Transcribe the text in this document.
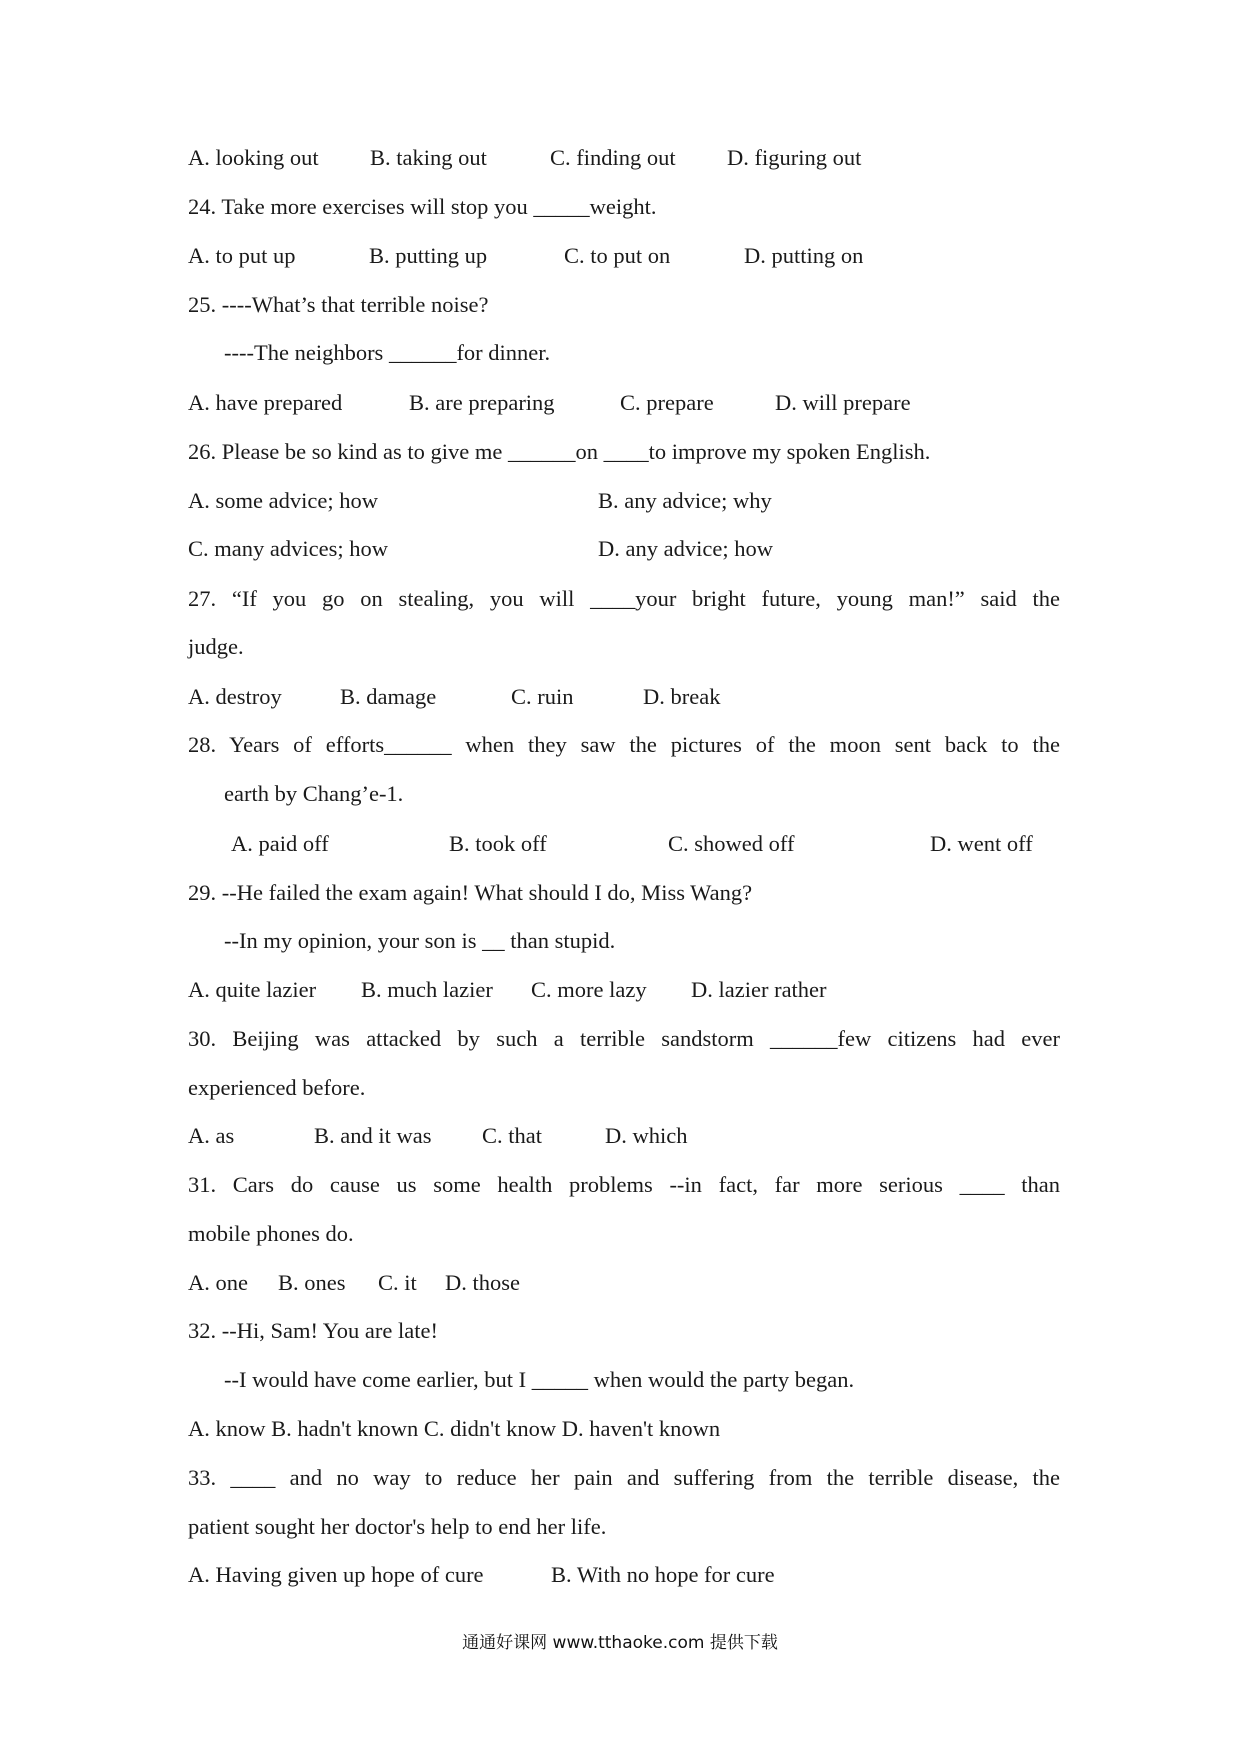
A. looking out B. taking out	C. finding out D. figuring out
24. Take more exercises will stop you _____weight.
A. to put up	B. putting up	C. to put on	D. putting on
25. ----What’s that terrible noise?
----The neighbors ______for dinner.
A. have prepared	B. are preparing	C. prepare	D. will prepare
26. Please be so kind as to give me ______on ____to improve my spoken English.
A. some advice; how	B. any advice; why
C. many advices; how	D. any advice; how
27. “If you go on stealing, you will ____your bright future, young man!” said the
judge.
A. destroy	B. damage	C. ruin	D. break
28. Years of efforts______ when they saw the pictures of the moon sent back to the
earth by Chang’e-1.
A. paid off	B. took off	C. showed off	D. went off
29. --He failed the exam again! What should I do, Miss Wang?
--In my opinion, your son is __ than stupid.
A. quite lazier B. much lazier C. more lazy D. lazier rather
30. Beijing was attacked by such a terrible sandstorm ______few citizens had ever
experienced before.
A. as	B. and it was C. that	D. which
31. Cars do cause us some health problems --in fact, far more serious ____ than
mobile phones do.
A. one B. ones C. it D. those
32. --Hi, Sam! You are late!
--I would have come earlier, but I _____ when would the party began.
A. know B. hadn't known C. didn't know D. haven't known
33. ____ and no way to reduce her pain and suffering from the terrible disease, the
patient sought her doctor's help to end her life.
A. Having given up hope of cure	B. With no hope for cure
通通好课网 www.tthaoke.com 提供下载
